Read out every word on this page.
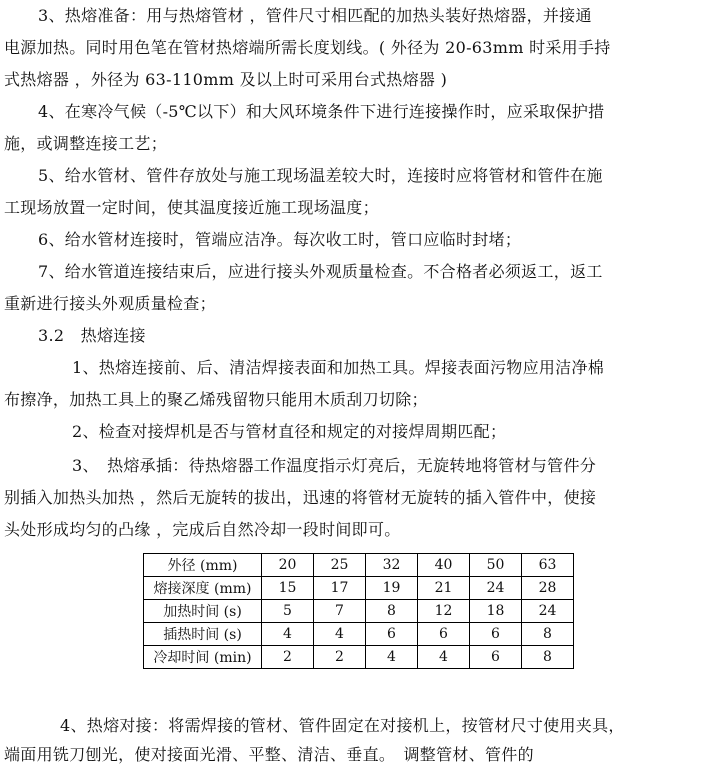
3、热熔准备：用与热熔管材 ，管件尺寸相匹配的加热头装好热熔器，并接通
电源加热。同时用色笔在管材热熔端所需长度划线。( 外径为 20-63mm 时采用手持
式热熔器 ，外径为 63-110mm 及以上时可采用台式热熔器 )
4、在寒冷气候（-5℃以下）和大风环境条件下进行连接操作时，应采取保护措
施，或调整连接工艺；
5、给水管材、管件存放处与施工现场温差较大时，连接时应将管材和管件在施
工现场放置一定时间，使其温度接近施工现场温度；
6、给水管材连接时，管端应洁净。每次收工时，管口应临时封堵；
7、给水管道连接结束后，应进行接头外观质量检查。不合格者必须返工，返工
重新进行接头外观质量检查；
3.2　热熔连接
1、热熔连接前、后、清洁焊接表面和加热工具。焊接表面污物应用洁净棉
布擦净，加热工具上的聚乙烯残留物只能用木质刮刀切除；
2、检查对接焊机是否与管材直径和规定的对接焊周期匹配；
3、　热熔承插：待热熔器工作温度指示灯亮后，无旋转地将管材与管件分
别插入加热头加热 ，然后无旋转的拔出，迅速的将管材无旋转的插入管件中，使接
头处形成均匀的凸缘 ，完成后自然冷却一段时间即可。
外径 (mm)	20	25	32	40	50	63
熔接深度 (mm)	15	17	19	21	24	28
加热时间 (s)	5	7	8	12	18	24
插热时间 (s)	4	4	6	6	6	8
冷却时间 (min)	2	2	4	4	6	8
4、热熔对接：将需焊接的管材、管件固定在对接机上，按管材尺寸使用夹具，
端面用铣刀刨光，使对接面光滑、平整、清洁、垂直。　调整管材、管件的
